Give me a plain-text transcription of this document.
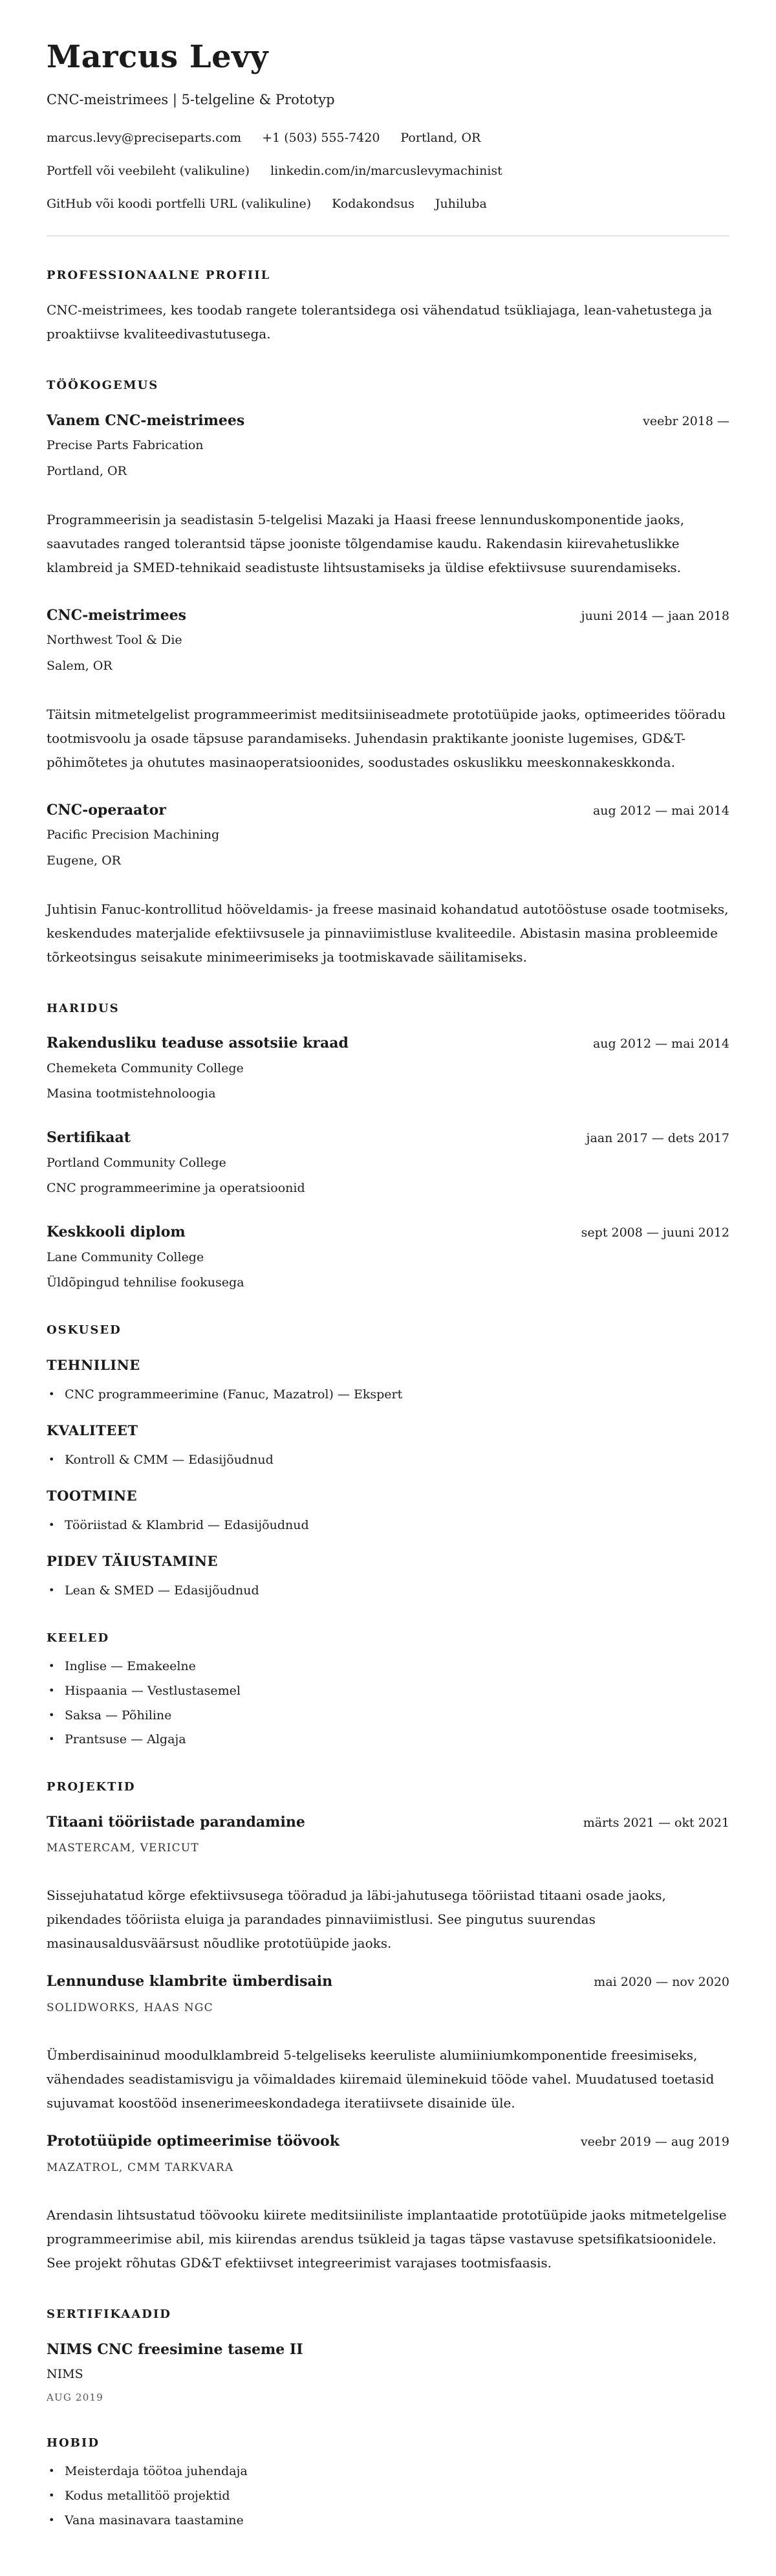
Marcus Levy
CNC-meistrimees | 5-telgeline & Prototyp
marcus.levy@preciseparts.com +1 (503) 555-7420 Portland, OR
Portfell või veebileht (valikuline) linkedin.com/in/marcuslevymachinist
GitHub või koodi portfelli URL (valikuline) Kodakondsus Juhiluba
PROFESSIONAALNE PROFIIL

CNC-meistrimees, kes toodab rangete tolerantsidega osi vähendatud tsükliajaga, lean-vahetustega ja proaktiivse kvaliteedivastutusega.

TÖÖKOGEMUS
Vanem CNC-meistrimees	veebr 2018 —
Precise Parts Fabrication
Portland, OR

Programmeerisin ja seadistasin 5-telgelisi Mazaki ja Haasi freese lennunduskomponentide jaoks, saavutades ranged tolerantsid täpse jooniste tõlgendamise kaudu. Rakendasin kiirevahetuslikke klambreid ja SMED-tehnikaid seadistuste lihtsustamiseks ja üldise efektiivsuse suurendamiseks.

CNC-meistrimees	juuni 2014 — jaan 2018
Northwest Tool & Die
Salem, OR

Täitsin mitmetelgelist programmeerimist meditsiiniseadmete prototüüpide jaoks, optimeerides tööradu tootmisvoolu ja osade täpsuse parandamiseks. Juhendasin praktikante jooniste lugemises, GD&T-põhimõtetes ja ohututes masinaoperatsioonides, soodustades oskuslikku meeskonnakeskkonda.

CNC-operaator	aug 2012 — mai 2014
Pacific Precision Machining
Eugene, OR

Juhtisin Fanuc-kontrollitud hööveldamis- ja freese masinaid kohandatud autotööstuse osade tootmiseks, keskendudes materjalide efektiivsusele ja pinnaviimistluse kvaliteedile. Abistasin masina probleemide tõrkeotsingus seisakute minimeerimiseks ja tootmiskavade säilitamiseks.

HARIDUS
Rakendusliku teaduse assotsiie kraad	aug 2012 — mai 2014
Chemeketa Community College
Masina tootmistehnoloogia
Sertifikaat	jaan 2017 — dets 2017
Portland Community College
CNC programmeerimine ja operatsioonid
Keskkooli diplom	sept 2008 — juuni 2012
Lane Community College
Üldõpingud tehnilise fookusega
OSKUSED
TEHNILINE
• CNC programmeerimine (Fanuc, Mazatrol) — Ekspert
KVALITEET
• Kontroll & CMM — Edasijõudnud
TOOTMINE
• Tööriistad & Klambrid — Edasijõudnud
PIDEV TÄIUSTAMINE
• Lean & SMED — Edasijõudnud
KEELED
• Inglise — Emakeelne
• Hispaania — Vestlustasemel
• Saksa — Põhiline
• Prantsuse — Algaja
PROJEKTID
Titaani tööriistade parandamine	märts 2021 — okt 2021
MASTERCAM, VERICUT

Sissejuhatatud kõrge efektiivsusega tööradud ja läbi-jahutusega tööriistad titaani osade jaoks, pikendades tööriista eluiga ja parandades pinnaviimistlusi. See pingutus suurendas masinausaldusväärsust nõudlike prototüüpide jaoks.

Lennunduse klambrite ümberdisain	mai 2020 — nov 2020
SOLIDWORKS, HAAS NGC

Ümberdisaininud moodulklambreid 5-telgeliseks keeruliste alumiiniumkomponentide freesimiseks, vähendades seadistamisvigu ja võimaldades kiiremaid üleminekuid tööde vahel. Muudatused toetasid sujuvamat koostööd insenerimeeskondadega iteratiivsete disainide üle.

Prototüüpide optimeerimise töövook	veebr 2019 — aug 2019
MAZATROL, CMM TARKVARA

Arendasin lihtsustatud töövooku kiirete meditsiiniliste implantaatide prototüüpide jaoks mitmetelgelise programmeerimise abil, mis kiirendas arendus tsükleid ja tagas täpse vastavuse spetsifikatsioonidele. See projekt rõhutas GD&T efektiivset integreerimist varajases tootmisfaasis.

SERTIFIKAADID
NIMS CNC freesimine taseme II
NIMS
AUG 2019
HOBID
• Meisterdaja töötoa juhendaja
• Kodus metallitöö projektid
• Vana masinavara taastamine
